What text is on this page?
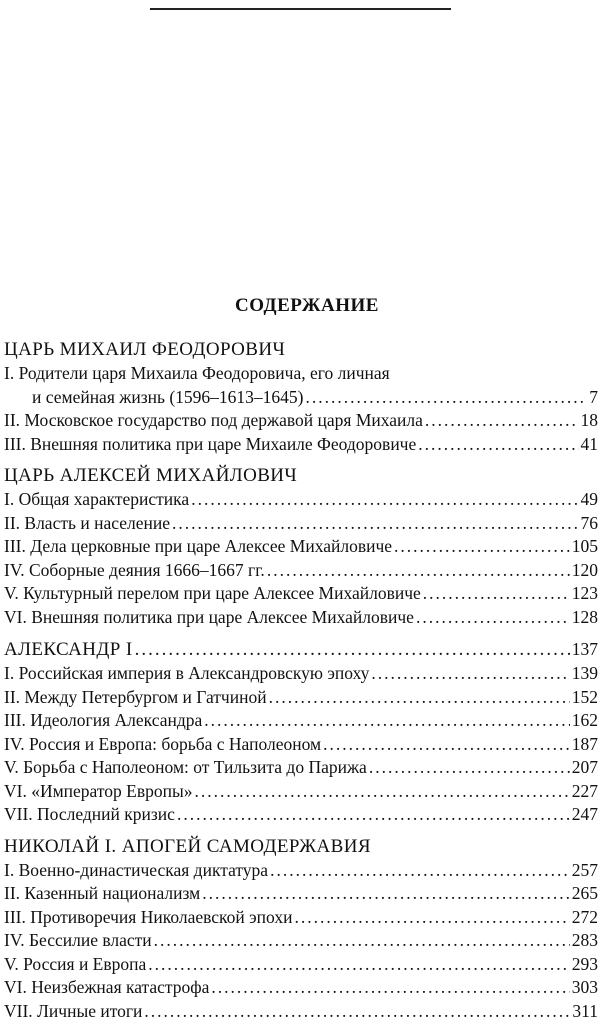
СОДЕРЖАНИЕ
ЦАРЬ МИХАИЛ ФЕОДОРОВИЧ
I. Родители царя Михаила Феодоровича, его личная
и семейная жизнь (1596–1613–1645) .....	7
II. Московское государство под державой царя Михаила .....	18
III. Внешняя политика при царе Михаиле Феодоровиче .....	41
ЦАРЬ АЛЕКСЕЙ МИХАЙЛОВИЧ
I. Общая характеристика .....	49
II. Власть и население .....	76
III. Дела церковные при царе Алексее Михайловиче .....	105
IV. Соборные деяния 1666–1667 гг. .....	120
V. Культурный перелом при царе Алексее Михайловиче .....	123
VI. Внешняя политика при царе Алексее Михайловиче .....	128
АЛЕКСАНДР I .....	137
I. Российская империя в Александровскую эпоху .....	139
II. Между Петербургом и Гатчиной .....	152
III. Идеология Александра .....	162
IV. Россия и Европа: борьба с Наполеоном .....	187
V. Борьба с Наполеоном: от Тильзита до Парижа .....	207
VI. «Император Европы» .....	227
VII. Последний кризис .....	247
НИКОЛАЙ I. АПОГЕЙ САМОДЕРЖАВИЯ
I. Военно-династическая диктатура .....	257
II. Казенный национализм .....	265
III. Противоречия Николаевской эпохи .....	272
IV. Бессилие власти .....	283
V. Россия и Европа .....	293
VI. Неизбежная катастрофа .....	303
VII. Личные итоги .....	311
